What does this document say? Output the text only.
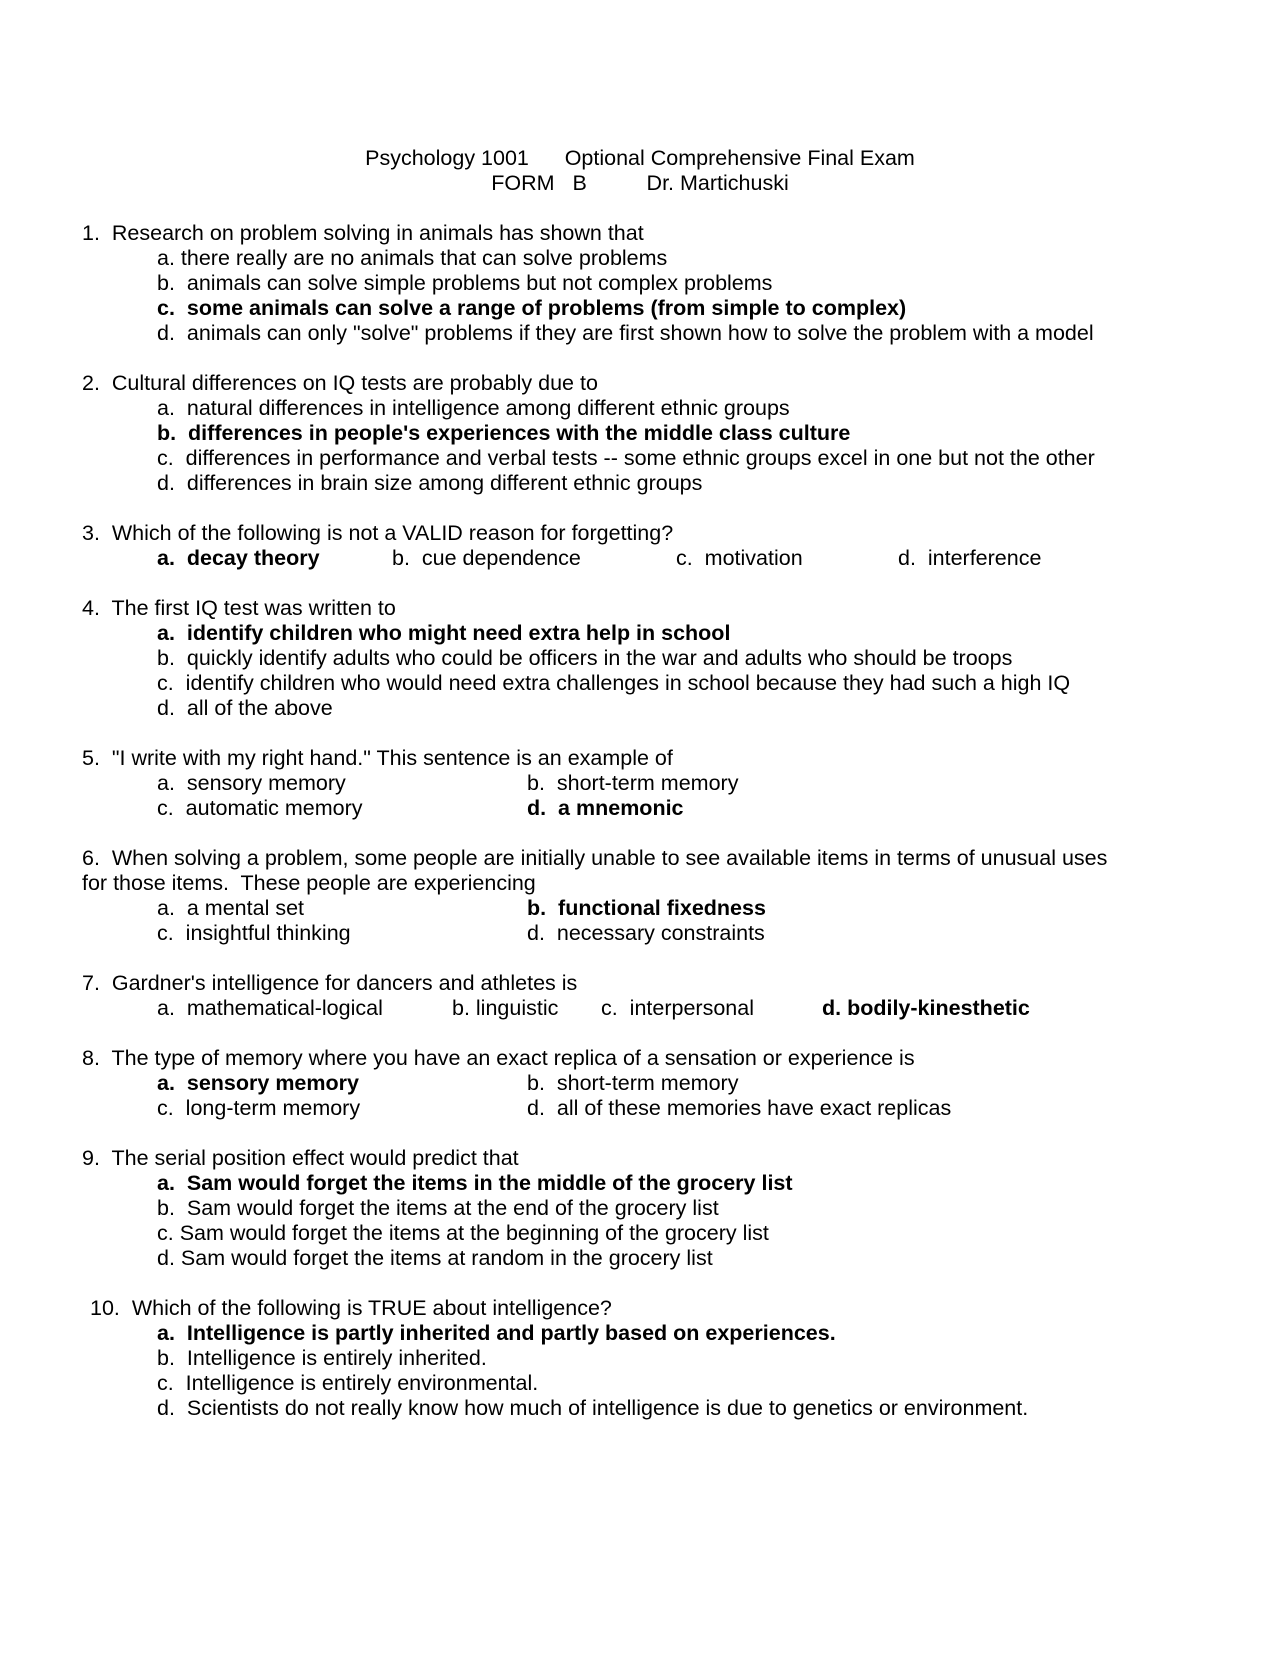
Psychology 1001      Optional Comprehensive Final Exam
FORM   B          Dr. Martichuski
1.  Research on problem solving in animals has shown that
a. there really are no animals that can solve problems
b.  animals can solve simple problems but not complex problems
c.  some animals can solve a range of problems (from simple to complex)
d.  animals can only "solve" problems if they are first shown how to solve the problem with a model
2.  Cultural differences on IQ tests are probably due to
a.  natural differences in intelligence among different ethnic groups
b.  differences in people's experiences with the middle class culture
c.  differences in performance and verbal tests -- some ethnic groups excel in one but not the other
d.  differences in brain size among different ethnic groups
3.  Which of the following is not a VALID reason for forgetting?
a.  decay theory	b.  cue dependence	c.  motivation	d.  interference
4.  The first IQ test was written to
a.  identify children who might need extra help in school
b.  quickly identify adults who could be officers in the war and adults who should be troops
c.  identify children who would need extra challenges in school because they had such a high IQ
d.  all of the above
5.  "I write with my right hand." This sentence is an example of
a.  sensory memory	b.  short-term memory
c.  automatic memory	d.  a mnemonic
6.  When solving a problem, some people are initially unable to see available items in terms of unusual uses
for those items.  These people are experiencing
a.  a mental set	b.  functional fixedness
c.  insightful thinking	d.  necessary constraints
7.  Gardner's intelligence for dancers and athletes is
a.  mathematical-logical	b. linguistic c.  interpersonal	d. bodily-kinesthetic
8.  The type of memory where you have an exact replica of a sensation or experience is
a.  sensory memory	b.  short-term memory
c.  long-term memory	d.  all of these memories have exact replicas
9.  The serial position effect would predict that
a.  Sam would forget the items in the middle of the grocery list
b.  Sam would forget the items at the end of the grocery list
c. Sam would forget the items at the beginning of the grocery list
d. Sam would forget the items at random in the grocery list
10.  Which of the following is TRUE about intelligence?
a.  Intelligence is partly inherited and partly based on experiences.
b.  Intelligence is entirely inherited.
c.  Intelligence is entirely environmental.
d.  Scientists do not really know how much of intelligence is due to genetics or environment.
